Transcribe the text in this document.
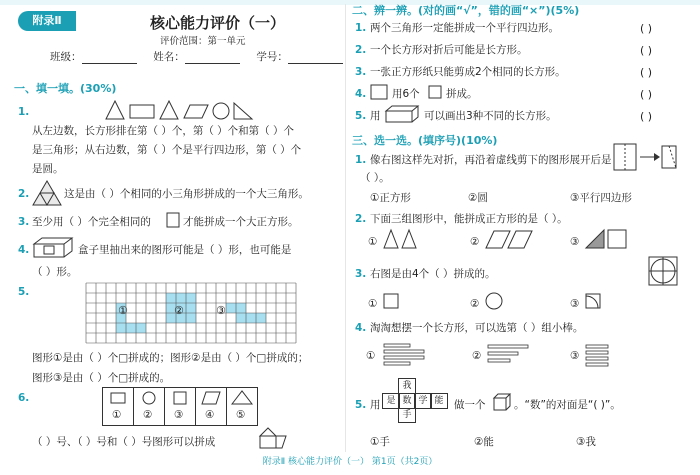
附录Ⅱ	核心能力评价（一）
评价范围：第一单元
班级：	姓名：	学号：
一、填一填。(30%)
1.
从左边数，长方形排在第（ ）个，第（ ）个和第（ ）个
是三角形；从右边数，第（ ）个是平行四边形，第（ ）个
是圆。
2.	这是由（ ）个相同的小三角形拼成的一个大三角形。
3. 至少用（ ）个完全相同的	才能拼成一个大正方形。
4.	盒子里抽出来的图形可能是（ ）形，也可能是
（ ）形。
5.
①	②	③
图形①是由（ ）个□拼成的；图形②是由（ ）个□拼成的；
图形③是由（ ）个□拼成的。
6.
① ② ③ ④ ⑤
（ ）号、（ ）号和（ ）号图形可以拼成
二、辨一辨。(对的画“√”，错的画“×”)(5%)
1. 两个三角形一定能拼成一个平行四边形。	( )
2. 一个长方形对折后可能是长方形。	( )
3. 一张正方形纸只能剪成2个相同的长方形。	( )
4. 用6个	拼成。	( )
5. 用	可以画出3种不同的长方形。	( )
三、选一选。(填序号)(10%)
1. 像右图这样先对折，再沿着虚线剪下的图形展开后是
（ ）。
①正方形	②圆	③平行四边形
2. 下面三组图形中，能拼成正方形的是（ ）。
①	②	③
3. 右图是由4个（ ）拼成的。
①	②	③
4. 淘淘想摆一个长方形，可以选第（ ）组小棒。
①	②	③
5. 用
我
是 数 学 能
手
做一个	。“数”的对面是“( )”。
①手	②能	③我
附录Ⅱ 核心能力评价（一） 第1页（共2页）
